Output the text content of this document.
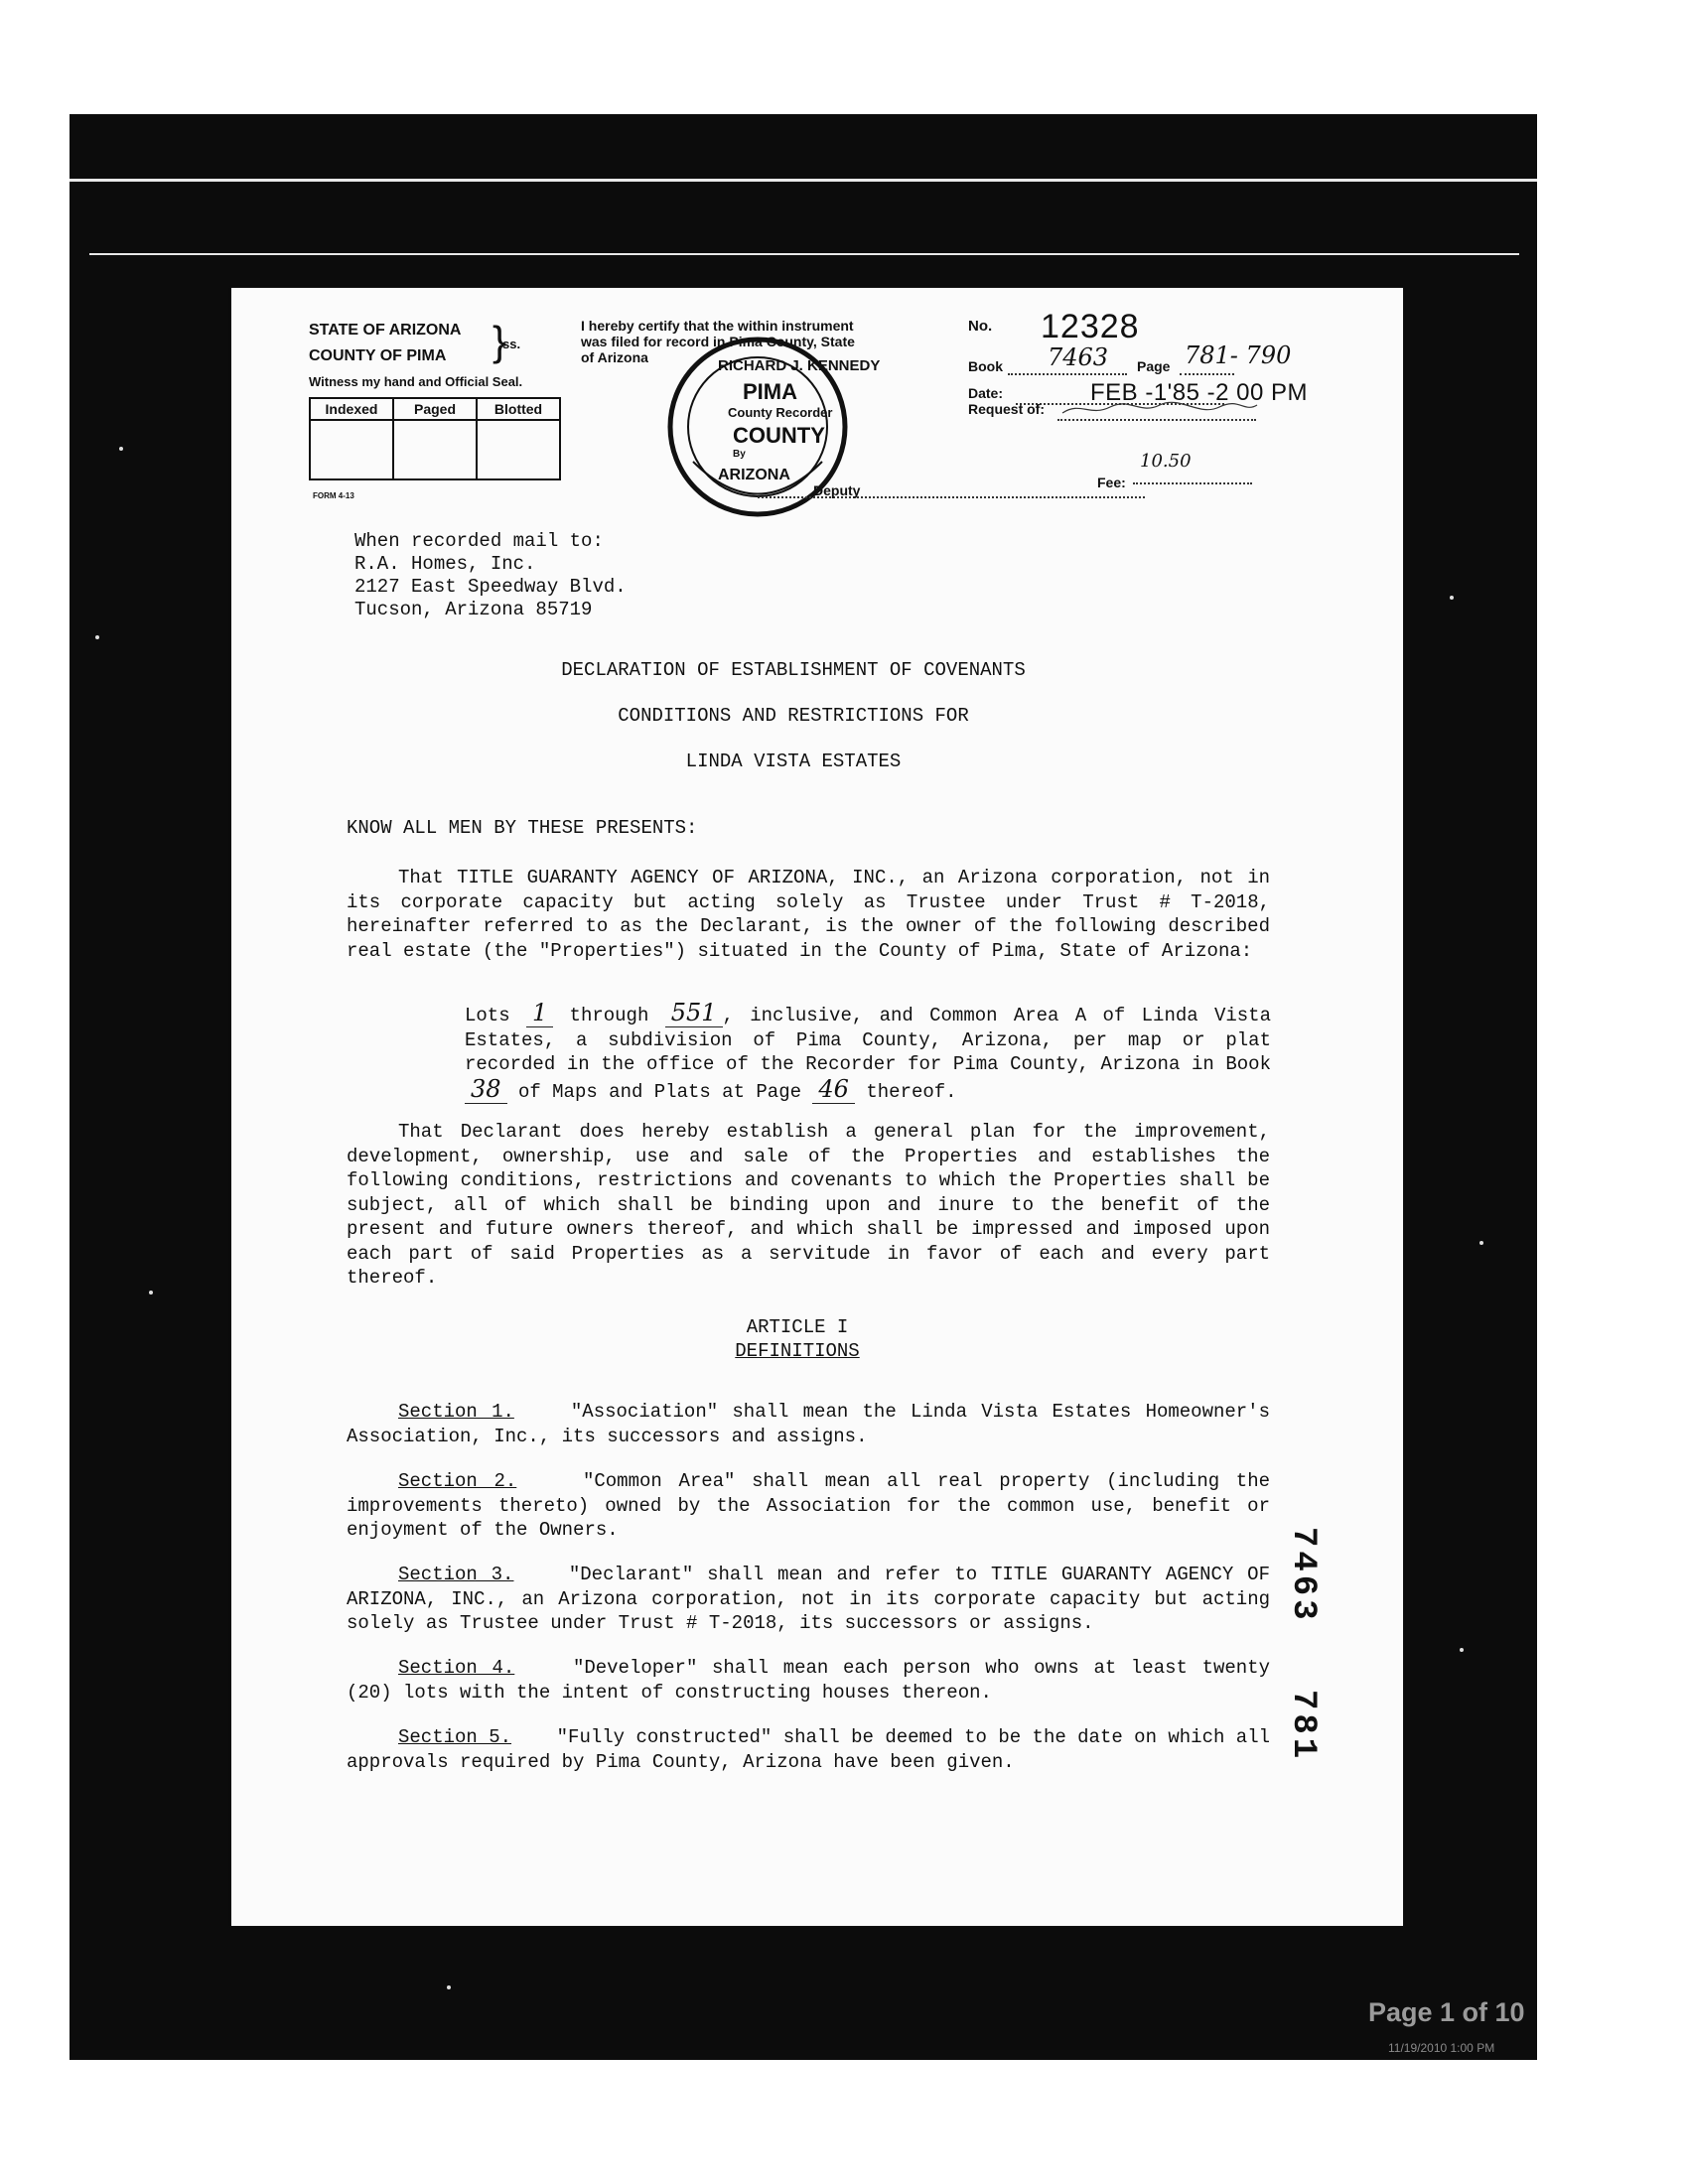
STATE OF ARIZONA
COUNTY OF PIMA	}
ss.
Witness my hand and Official Seal.
Indexed	Paged	Blotted

FORM 4-13
I hereby certify that the within instrument was filed for record in Pima County, State of Arizona	RICHARD J. KENNEDY
PIMA
County Recorder
COUNTY
ARIZONA
By
Deputy
No. 12328
Book 7463 Page 781- 790
Date:	FEB -1'85 -2 00 PM
Request of:
Fee:
10.50
When recorded mail to:
R.A. Homes, Inc.
2127 East Speedway Blvd.
Tucson, Arizona 85719
DECLARATION OF ESTABLISHMENT OF COVENANTS
CONDITIONS AND RESTRICTIONS FOR
LINDA VISTA ESTATES
KNOW ALL MEN BY THESE PRESENTS:
That TITLE GUARANTY AGENCY OF ARIZONA, INC., an Arizona corporation, not in its corporate capacity but acting solely as Trustee under Trust # T-2018, hereinafter referred to as the Declarant, is the owner of the following described real estate (the "Properties") situated in the County of Pima, State of Arizona:
Lots 1 through 551 , inclusive, and Common Area A of Linda Vista Estates, a subdivision of Pima County, Arizona, per map or plat recorded in the office of the Recorder for Pima County, Arizona in Book 38 of Maps and Plats at Page 46 thereof.
That Declarant does hereby establish a general plan for the improvement, development, ownership, use and sale of the Properties and establishes the following conditions, restrictions and covenants to which the Properties shall be subject, all of which shall be binding upon and inure to the benefit of the present and future owners thereof, and which shall be impressed and imposed upon each part of said Properties as a servitude in favor of each and every part thereof.
ARTICLE I
DEFINITIONS
Section 1.	"Association" shall mean the Linda Vista Estates Homeowner's Association, Inc., its successors and assigns.
Section 2.	"Common Area" shall mean all real property (including the improvements thereto) owned by the Association for the common use, benefit or enjoyment of the Owners.
Section 3.	"Declarant" shall mean and refer to TITLE GUARANTY AGENCY OF ARIZONA, INC., an Arizona corporation, not in its corporate capacity but acting solely as Trustee under Trust # T-2018, its successors or assigns.
Section 4.	"Developer" shall mean each person who owns at least twenty (20) lots with the intent of constructing houses thereon.
Section 5. "Fully constructed" shall be deemed to be the date on which all approvals required by Pima County, Arizona have been given.
7463
781
Page 1 of 10
11/19/2010 1:00 PM
